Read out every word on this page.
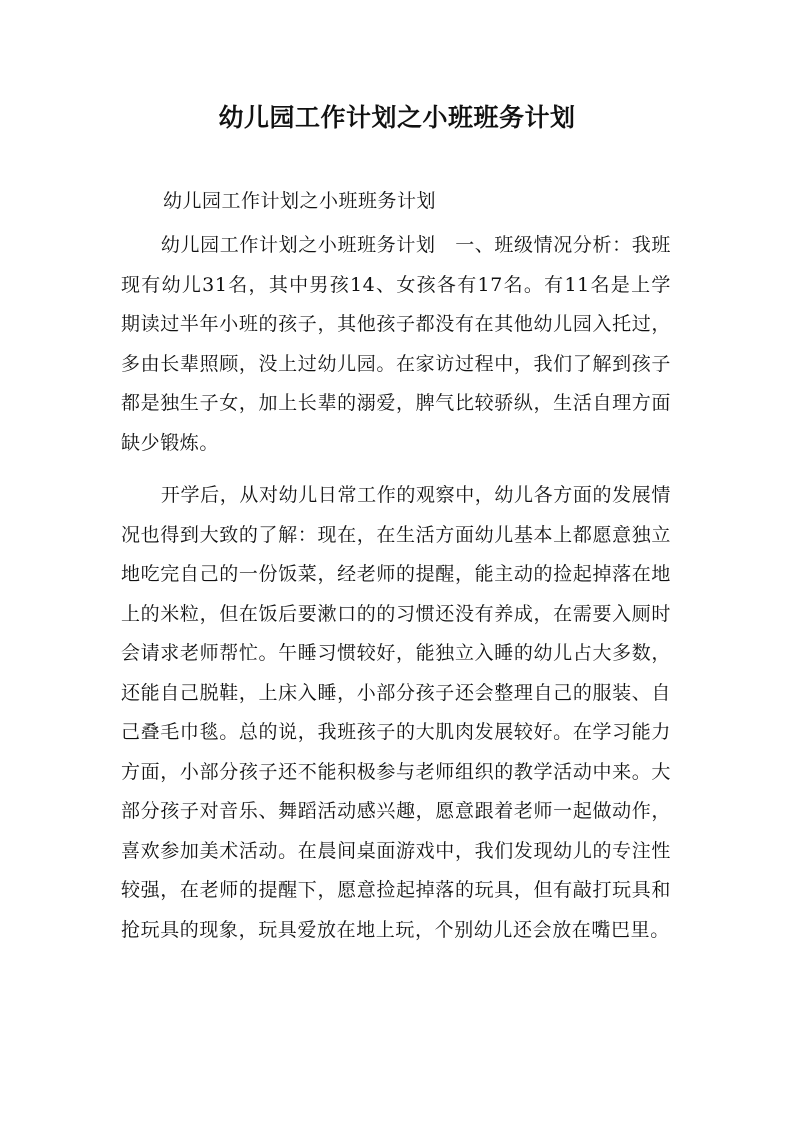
幼儿园工作计划之小班班务计划

幼儿园工作计划之小班班务计划

幼儿园工作计划之小班班务计划　一、班级情况分析：我班现有幼儿31名，其中男孩14、女孩各有17名。有11名是上学期读过半年小班的孩子，其他孩子都没有在其他幼儿园入托过，多由长辈照顾，没上过幼儿园。在家访过程中，我们了解到孩子都是独生子女，加上长辈的溺爱，脾气比较骄纵，生活自理方面缺少锻炼。

开学后，从对幼儿日常工作的观察中，幼儿各方面的发展情况也得到大致的了解：现在，在生活方面幼儿基本上都愿意独立地吃完自己的一份饭菜，经老师的提醒，能主动的捡起掉落在地上的米粒，但在饭后要漱口的的习惯还没有养成，在需要入厕时会请求老师帮忙。午睡习惯较好，能独立入睡的幼儿占大多数，还能自己脱鞋，上床入睡，小部分孩子还会整理自己的服装、自己叠毛巾毯。总的说，我班孩子的大肌肉发展较好。在学习能力方面，小部分孩子还不能积极参与老师组织的教学活动中来。大部分孩子对音乐、舞蹈活动感兴趣，愿意跟着老师一起做动作，喜欢参加美术活动。在晨间桌面游戏中，我们发现幼儿的专注性较强，在老师的提醒下，愿意捡起掉落的玩具，但有敲打玩具和抢玩具的现象，玩具爱放在地上玩，个别幼儿还会放在嘴巴里。
